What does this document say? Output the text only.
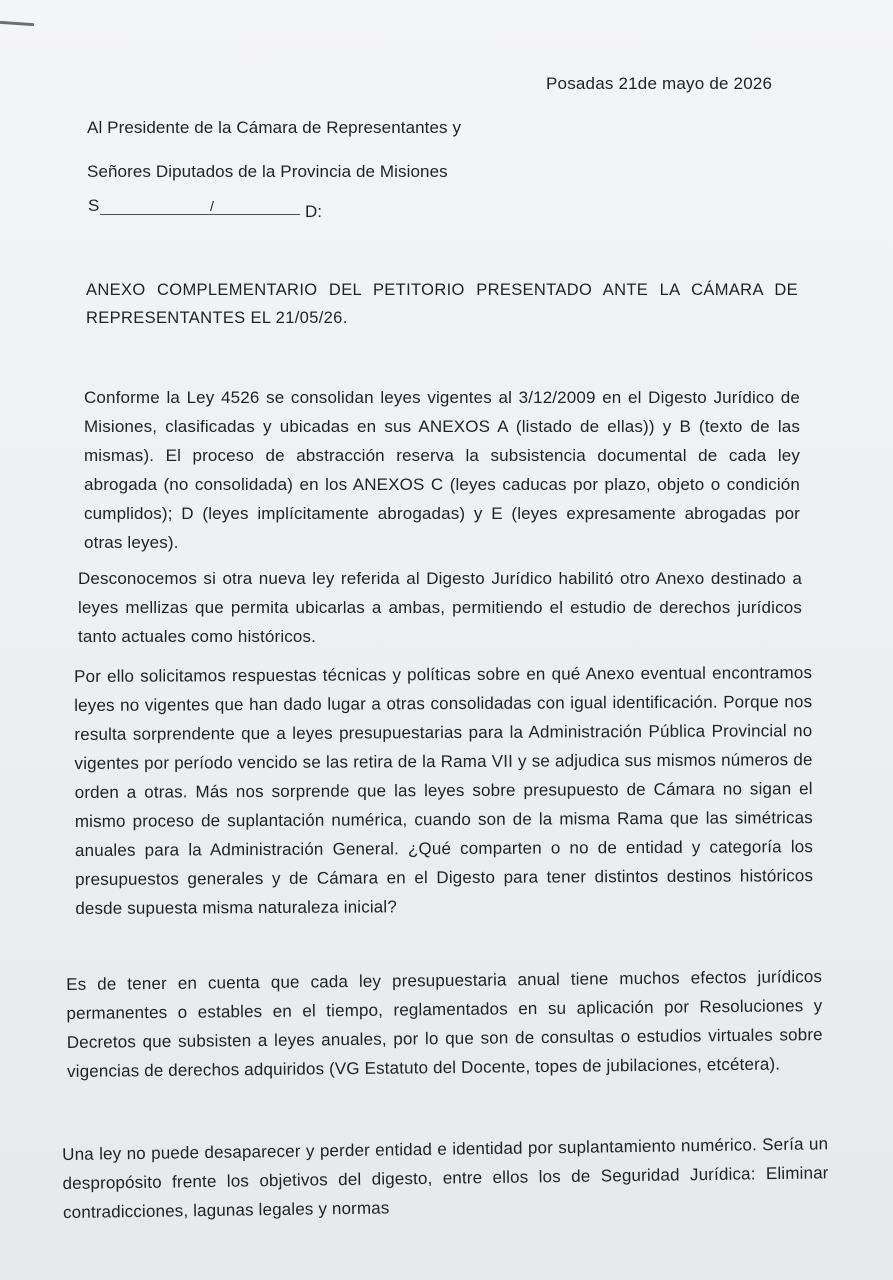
Posadas 21de mayo de 2026
Al Presidente de la Cámara de Representantes y
Señores Diputados de la Provincia de Misiones
S	/	D:
ANEXO COMPLEMENTARIO DEL PETITORIO PRESENTADO ANTE LA CÁMARA DE
REPRESENTANTES EL 21/05/26.
Conforme la Ley 4526 se consolidan leyes vigentes al 3/12/2009 en el Digesto Jurídico de Misiones, clasificadas y ubicadas en sus ANEXOS A (listado de ellas)) y B (texto de las mismas). El proceso de abstracción reserva la subsistencia documental de cada ley abrogada (no consolidada) en los ANEXOS C (leyes caducas por plazo, objeto o condición cumplidos); D (leyes implícitamente abrogadas) y E (leyes expresamente abrogadas por otras leyes).
Desconocemos si otra nueva ley referida al Digesto Jurídico habilitó otro Anexo destinado a leyes mellizas que permita ubicarlas a ambas, permitiendo el estudio de derechos jurídicos tanto actuales como históricos.
Por ello solicitamos respuestas técnicas y políticas sobre en qué Anexo eventual encontramos leyes no vigentes que han dado lugar a otras consolidadas con igual identificación. Porque nos resulta sorprendente que a leyes presupuestarias para la Administración Pública Provincial no vigentes por período vencido se las retira de la Rama VII y se adjudica sus mismos números de orden a otras. Más nos sorprende que las leyes sobre presupuesto de Cámara no sigan el mismo proceso de suplantación numérica, cuando son de la misma Rama que las simétricas anuales para la Administración General. ¿Qué comparten o no de entidad y categoría los presupuestos generales y de Cámara en el Digesto para tener distintos destinos históricos desde supuesta misma naturaleza inicial?
Es de tener en cuenta que cada ley presupuestaria anual tiene muchos efectos jurídicos permanentes o estables en el tiempo, reglamentados en su aplicación por Resoluciones y Decretos que subsisten a leyes anuales, por lo que son de consultas o estudios virtuales sobre vigencias de derechos adquiridos (VG Estatuto del Docente, topes de jubilaciones, etcétera).
Una ley no puede desaparecer y perder entidad e identidad por suplantamiento numérico. Sería un despropósito frente los objetivos del digesto, entre ellos los de Seguridad Jurídica: Eliminar contradicciones, lagunas legales y normas
